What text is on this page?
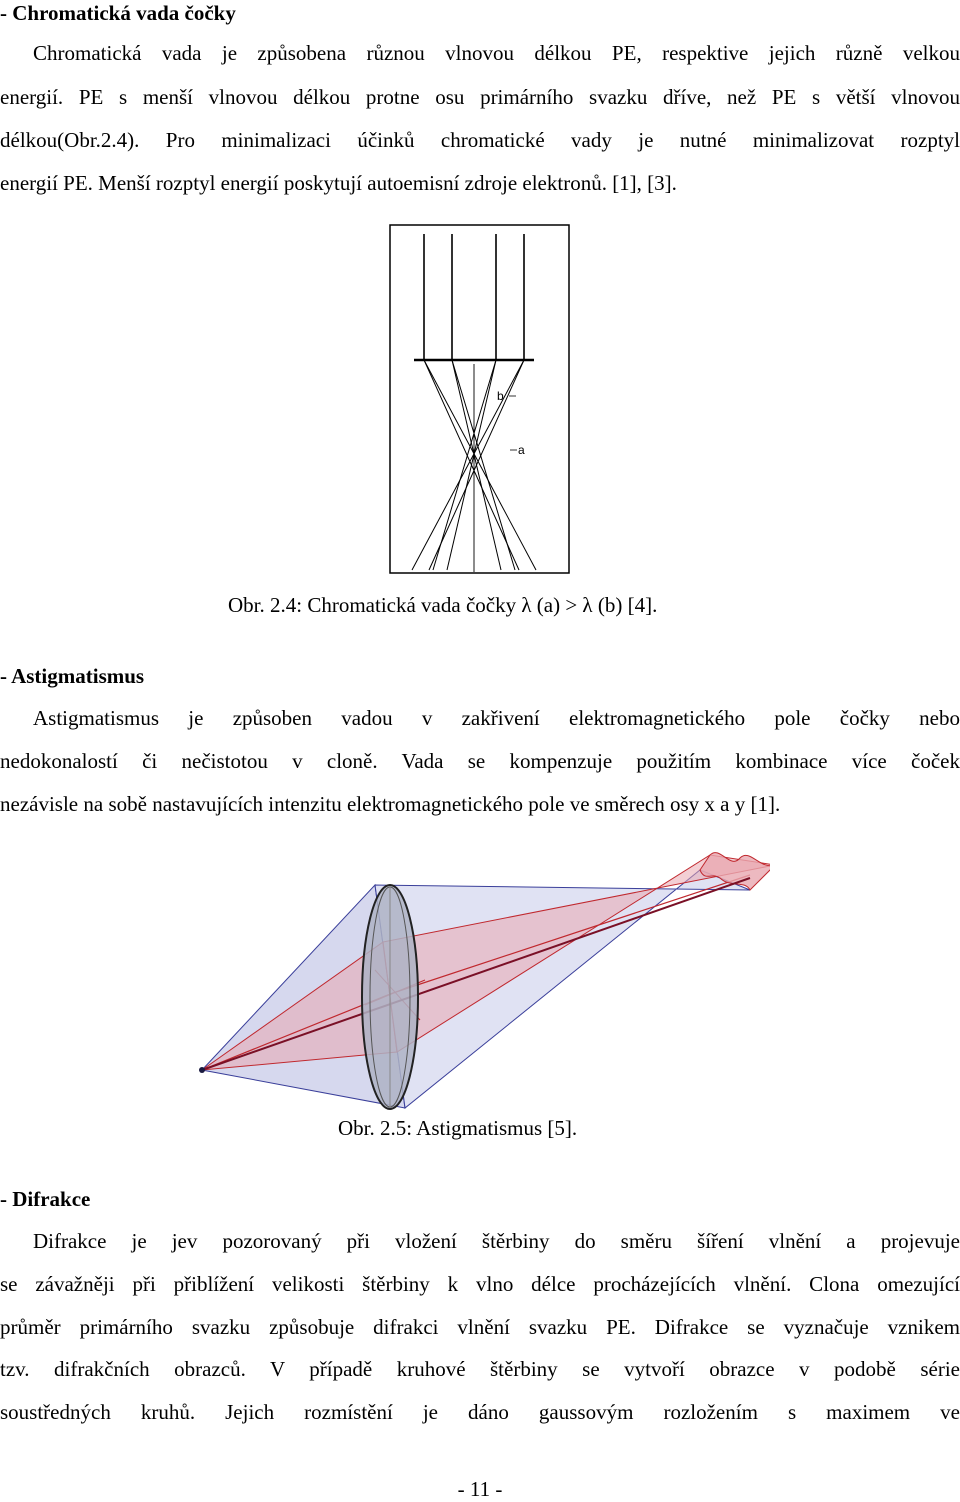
- Chromatická vada čočky
Chromatická vada je způsobena různou vlnovou délkou PE, respektive jejich různě velkou
energií. PE s menší vlnovou délkou protne osu primárního svazku dříve, než PE s větší vlnovou
délkou(Obr.2.4). Pro minimalizaci účinků chromatické vady je nutné minimalizovat rozptyl
energií PE. Menší rozptyl energií poskytují autoemisní zdroje elektronů. [1], [3].
b
a
Obr. 2.4: Chromatická vada čočky λ (a) > λ (b) [4].
- Astigmatismus
Astigmatismus je způsoben vadou v zakřivení elektromagnetického pole čočky nebo
nedokonalostí či nečistotou v cloně. Vada se kompenzuje použitím kombinace více čoček
nezávisle na sobě nastavujících intenzitu elektromagnetického pole ve směrech osy x a y [1].
Obr. 2.5: Astigmatismus [5].
- Difrakce
Difrakce je jev pozorovaný při vložení štěrbiny do směru šíření vlnění a projevuje
se závažněji při přiblížení velikosti štěrbiny k vlno délce procházejících vlnění. Clona omezující
průměr primárního svazku způsobuje difrakci vlnění svazku PE. Difrakce se vyznačuje vznikem
tzv. difrakčních obrazců. V případě kruhové štěrbiny se vytvoří obrazce v podobě série
soustředných kruhů. Jejich rozmístění je dáno gaussovým rozložením s maximem ve
- 11 -
